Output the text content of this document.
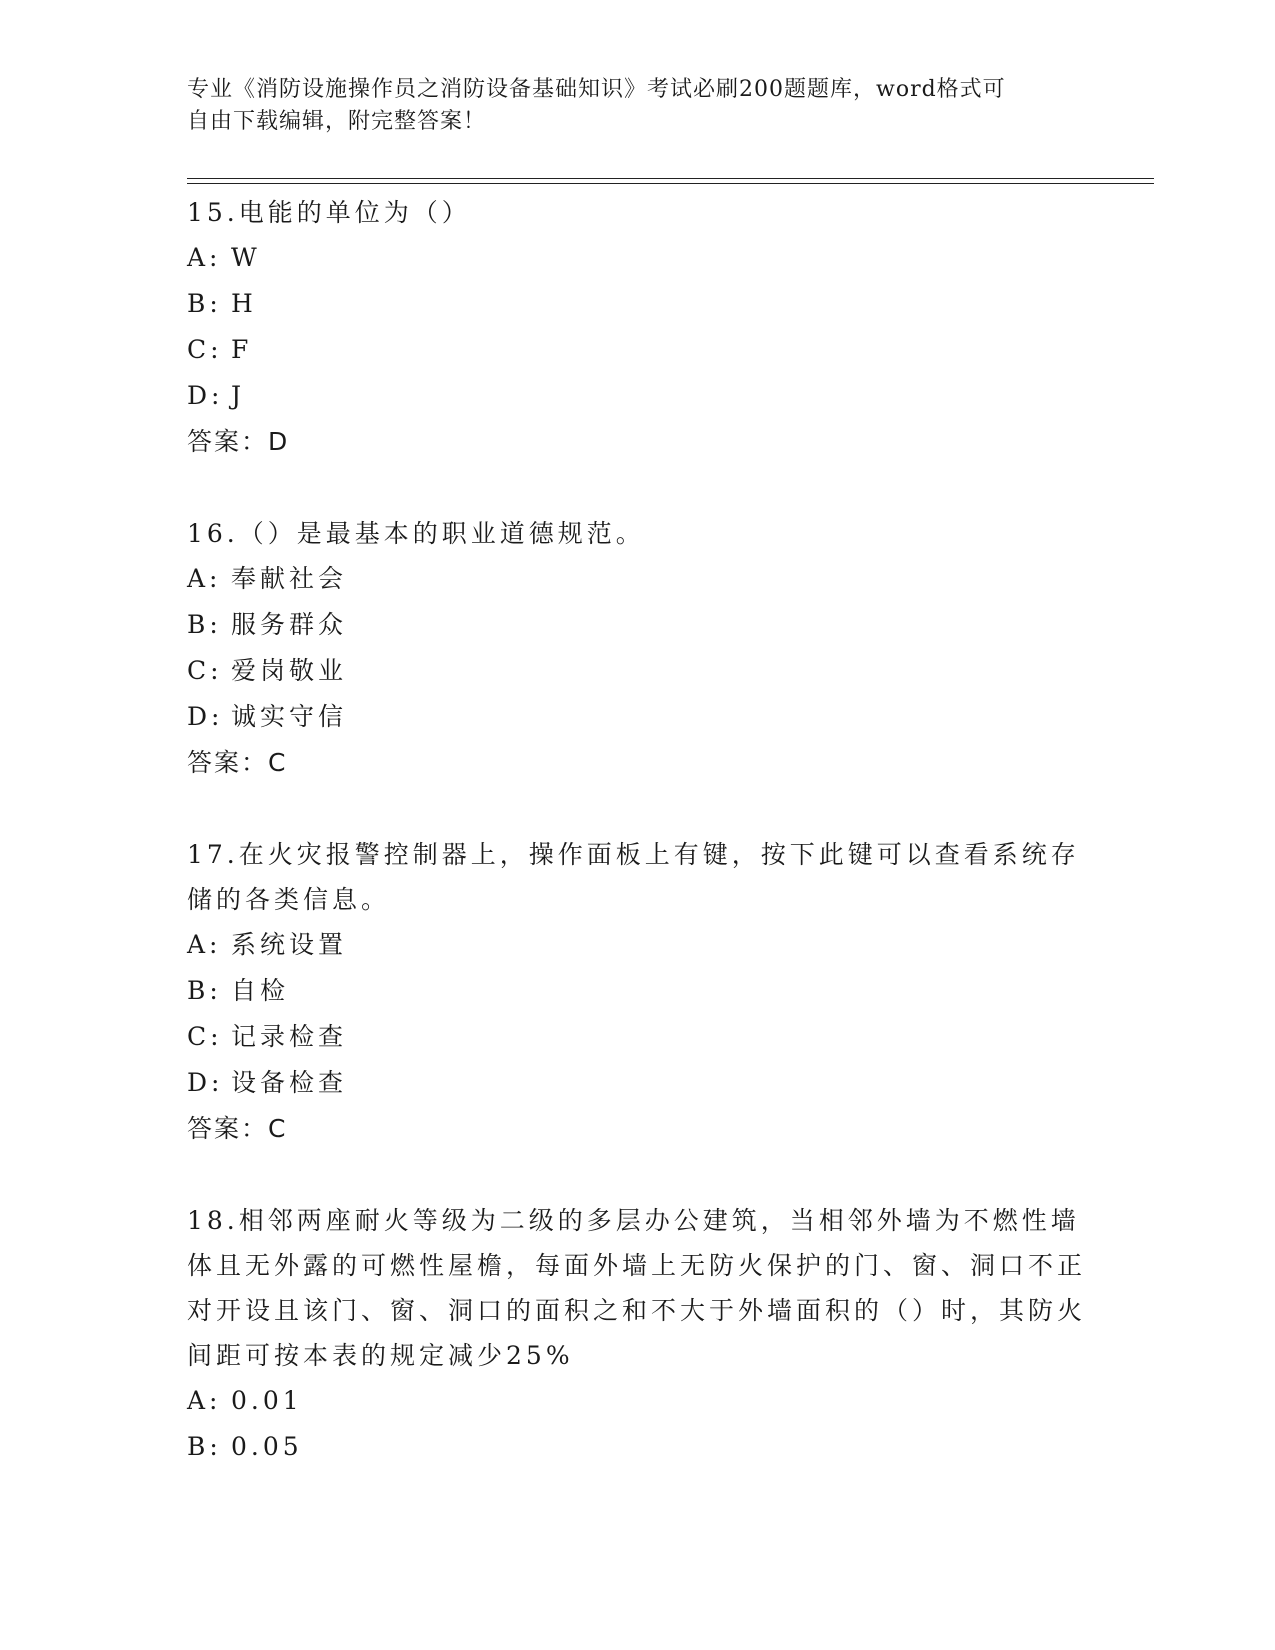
专业《消防设施操作员之消防设备基础知识》考试必刷200题题库，word格式可
自由下载编辑，附完整答案！

15.电能的单位为（）

A: W
B: H
C: F
D: J
答案：D

16.（）是最基本的职业道德规范。

A: 奉献社会
B: 服务群众
C: 爱岗敬业
D: 诚实守信
答案：C

17.在火灾报警控制器上，操作面板上有键，按下此键可以查看系统存储的各类信息。

A: 系统设置
B: 自检
C: 记录检查
D: 设备检查
答案：C

18.相邻两座耐火等级为二级的多层办公建筑，当相邻外墙为不燃性墙体且无外露的可燃性屋檐，每面外墙上无防火保护的门、窗、洞口不正对开设且该门、窗、洞口的面积之和不大于外墙面积的（）时，其防火间距可按本表的规定减少25%

A: 0.01
B: 0.05
